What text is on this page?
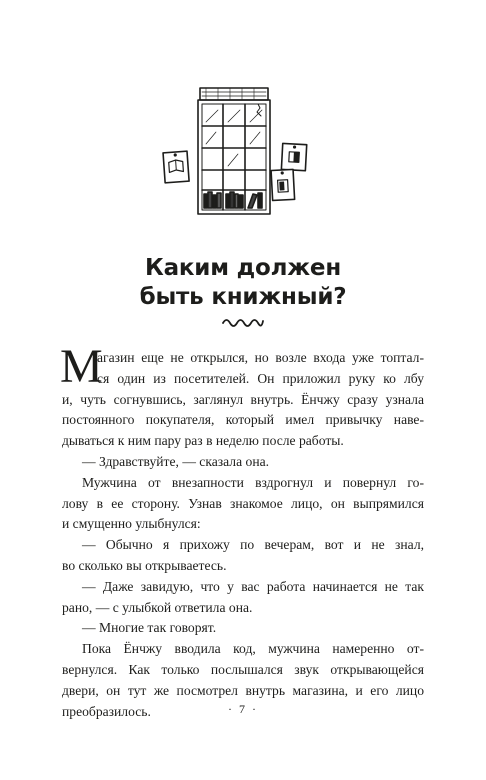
Каким должен
быть книжный?
М
агазин еще не открылся, но возле входа уже топтал-
ся один из посетителей. Он приложил руку ко лбу
и, чуть согнувшись, заглянул внутрь. Ёнчжу сразу узнала
постоянного покупателя, который имел привычку наве-
дываться к ним пару раз в неделю после работы.
— Здравствуйте, — сказала она.
Мужчина от внезапности вздрогнул и повернул го-
лову в ее сторону. Узнав знакомое лицо, он выпрямился
и смущенно улыбнулся:
— Обычно я прихожу по вечерам, вот и не знал,
во сколько вы открываетесь.
— Даже завидую, что у вас работа начинается не так
рано, — с улыбкой ответила она.
— Многие так говорят.
Пока Ёнчжу вводила код, мужчина намеренно от-
вернулся. Как только послышался звук открывающейся
двери, он тут же посмотрел внутрь магазина, и его лицо
преобразилось.	· 7 ·
